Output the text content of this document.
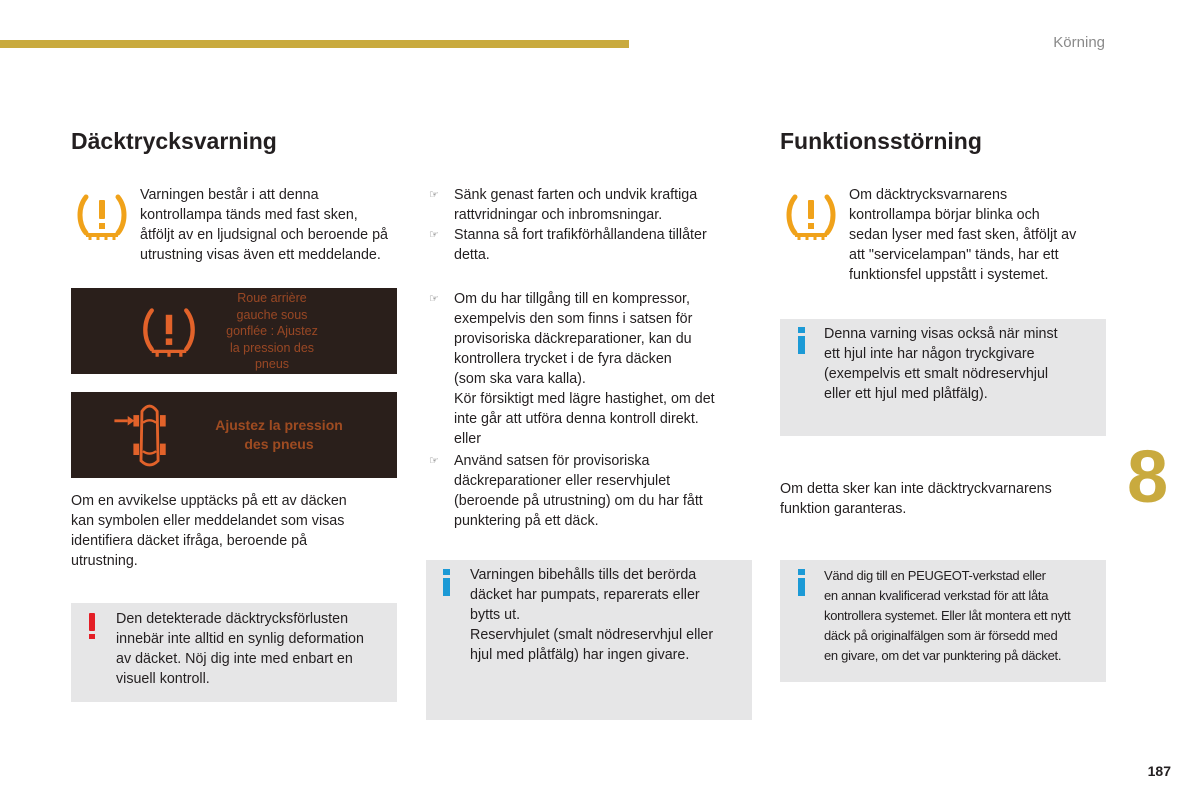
Körning
8
187
Däcktrycksvarning

Varningen består i att denna

kontrollampa tänds med fast sken,

åtföljt av en ljudsignal och beroende på

utrustning visas även ett meddelande.

Roue arrière
gauche sous
gonflée : Ajustez
la pression des
pneus
Ajustez la pression
des pneus

Om en avvikelse upptäcks på ett av däcken

kan symbolen eller meddelandet som visas

identifiera däcket ifråga, beroende på

utrustning.

Den detekterade däcktrycksförlusten

innebär inte alltid en synlig deformation

av däcket. Nöj dig inte med enbart en

visuell kontroll.

☞ Sänk genast farten och undvik kraftiga

rattvridningar och inbromsningar.

☞ Stanna så fort trafikförhållandena tillåter

detta.

☞ Om du har tillgång till en kompressor,

exempelvis den som finns i satsen för

provisoriska däckreparationer, kan du

kontrollera trycket i de fyra däcken

(som ska vara kalla).

Kör försiktigt med lägre hastighet, om det

inte går att utföra denna kontroll direkt.

eller

☞ Använd satsen för provisoriska

däckreparationer eller reservhjulet

(beroende på utrustning) om du har fått

punktering på ett däck.

Varningen bibehålls tills det berörda

däcket har pumpats, reparerats eller

bytts ut.

Reservhjulet (smalt nödreservhjul eller

hjul med plåtfälg) har ingen givare.

Funktionsstörning

Om däcktrycksvarnarens

kontrollampa börjar blinka och

sedan lyser med fast sken, åtföljt av

att "servicelampan" tänds, har ett

funktionsfel uppstått i systemet.

Denna varning visas också när minst

ett hjul inte har någon tryckgivare

(exempelvis ett smalt nödreservhjul

eller ett hjul med plåtfälg).

Om detta sker kan inte däcktryckvarnarens

funktion garanteras.

Vänd dig till en PEUGEOT-verkstad eller

en annan kvalificerad verkstad för att låta

kontrollera systemet. Eller låt montera ett nytt

däck på originalfälgen som är försedd med

en givare, om det var punktering på däcket.
